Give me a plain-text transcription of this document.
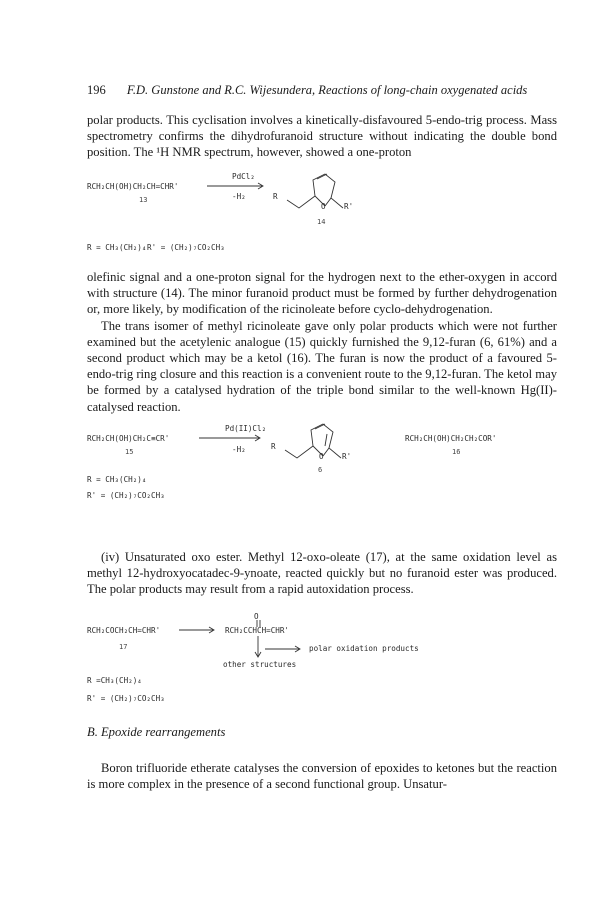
196 F.D. Gunstone and R.C. Wijesundera, Reactions of long-chain oxygenated acids

polar products. This cyclisation involves a kinetically-disfavoured 5-endo-trig process. Mass spectrometry confirms the dihydrofuranoid structure without indicating the double bond position. The ¹H NMR spectrum, however, showed a one-proton

RCH₂CH(OH)CH₂CH=CHR'
13
PdCl₂
-H₂	R
O R'
14
R = CH₃(CH₂)₄ R' = (CH₂)₇CO₂CH₃

olefinic signal and a one-proton signal for the hydrogen next to the ether-oxygen in accord with structure (14). The minor furanoid product must be formed by further dehydrogenation or, more likely, by modification of the ricinoleate before cyclo-dehydrogenation.

The trans isomer of methyl ricinoleate gave only polar products which were not further examined but the acetylenic analogue (15) quickly furnished the 9,12-furan (6, 61%) and a second product which may be a ketol (16). The furan is now the product of a favoured 5-endo-trig ring closure and this reaction is a convenient route to the 9,12-furan. The ketol may be formed by a catalysed hydration of the triple bond similar to the well-known Hg(II)-catalysed reaction.

RCH₂CH(OH)CH₂C≡CR'
15
Pd(II)Cl₂
-H₂	R
O R'
6
RCH₂CH(OH)CH₂CH₂COR'
16
R = CH₃(CH₂)₄
R' = (CH₂)₇CO₂CH₃

(iv) Unsaturated oxo ester. Methyl 12-oxo-oleate (17), at the same oxidation level as methyl 12-hydroxyocatadec-9-ynoate, reacted quickly but no furanoid ester was produced. The polar products may result from a rapid autoxidation process.

RCH₂COCH₂CH=CHR'
17
O
RCH₂CCHCH=CHR'
polar oxidation products
other structures
R =CH₃(CH₂)₄
R' = (CH₂)₇CO₂CH₃
B. Epoxide rearrangements

Boron trifluoride etherate catalyses the conversion of epoxides to ketones but the reaction is more complex in the presence of a second functional group. Unsatur-
